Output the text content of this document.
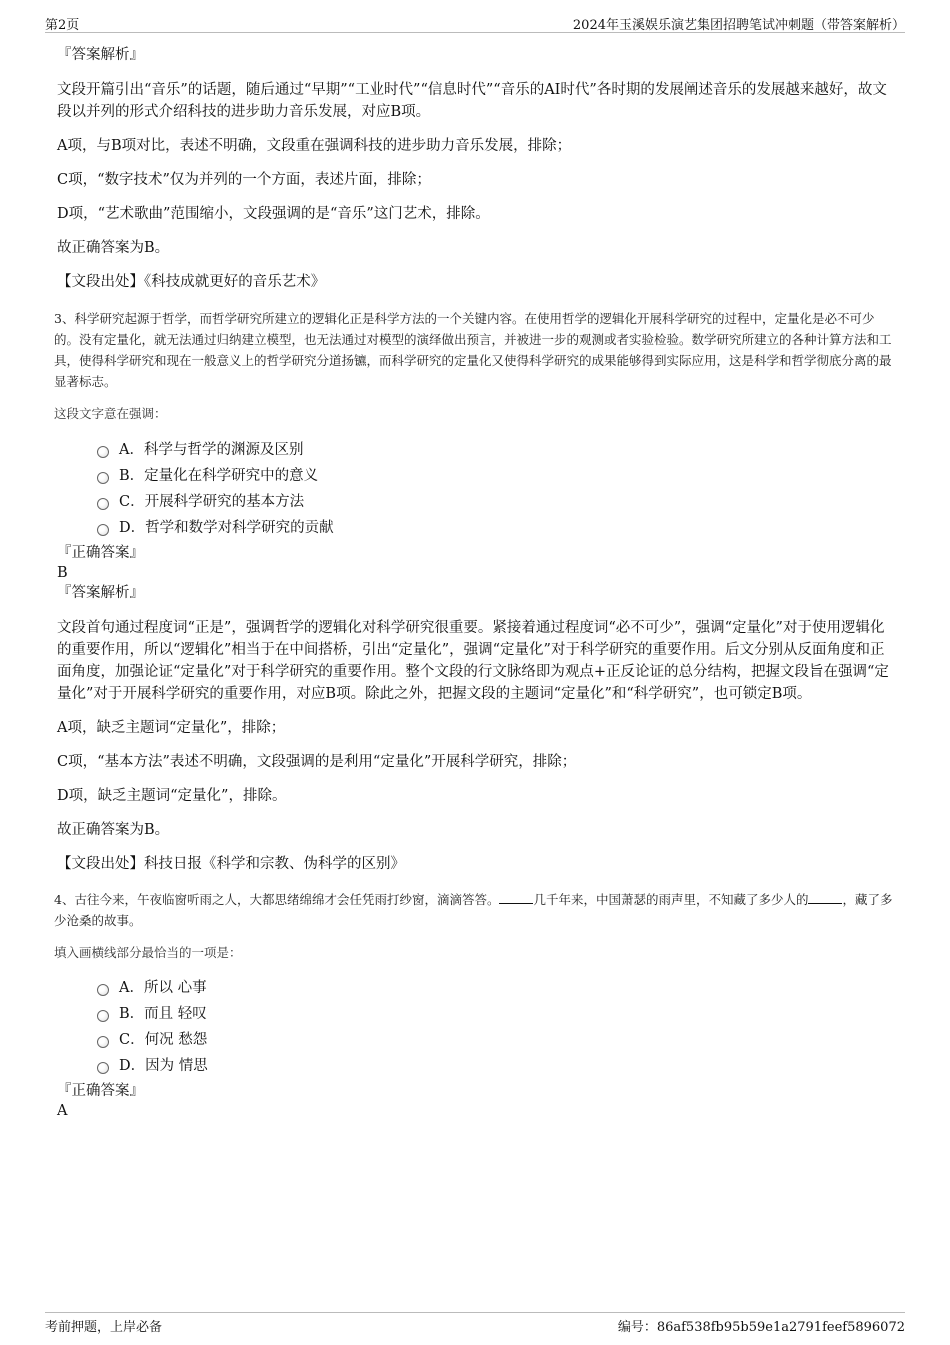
第2页	2024年玉溪娱乐演艺集团招聘笔试冲刺题（带答案解析）

『答案解析』

文段开篇引出“音乐”的话题，随后通过“早期”“工业时代”“信息时代”“音乐的AI时代”各时期的发展阐述音乐的发展越来越好，故文段以并列的形式介绍科技的进步助力音乐发展，对应B项。

A项，与B项对比，表述不明确，文段重在强调科技的进步助力音乐发展，排除；

C项，“数字技术”仅为并列的一个方面，表述片面，排除；

D项，“艺术歌曲”范围缩小，文段强调的是“音乐”这门艺术，排除。

故正确答案为B。

【文段出处】《科技成就更好的音乐艺术》

3、科学研究起源于哲学，而哲学研究所建立的逻辑化正是科学方法的一个关键内容。在使用哲学的逻辑化开展科学研究的过程中，定量化是必不可少的。没有定量化，就无法通过归纳建立模型，也无法通过对模型的演绎做出预言，并被进一步的观测或者实验检验。数学研究所建立的各种计算方法和工具，使得科学研究和现在一般意义上的哲学研究分道扬镳，而科学研究的定量化又使得科学研究的成果能够得到实际应用，这是科学和哲学彻底分离的最显著标志。

这段文字意在强调：

A．科学与哲学的渊源及区别
B．定量化在科学研究中的意义
C．开展科学研究的基本方法
D．哲学和数学对科学研究的贡献

『正确答案』

B

『答案解析』

文段首句通过程度词“正是”，强调哲学的逻辑化对科学研究很重要。紧接着通过程度词“必不可少”，强调“定量化”对于使用逻辑化的重要作用，所以“逻辑化”相当于在中间搭桥，引出“定量化”，强调“定量化”对于科学研究的重要作用。后文分别从反面角度和正面角度，加强论证“定量化”对于科学研究的重要作用。整个文段的行文脉络即为观点+正反论证的总分结构，把握文段旨在强调“定量化”对于开展科学研究的重要作用，对应B项。除此之外，把握文段的主题词“定量化”和“科学研究”，也可锁定B项。

A项，缺乏主题词“定量化”，排除；

C项，“基本方法”表述不明确，文段强调的是利用“定量化”开展科学研究，排除；

D项，缺乏主题词“定量化”，排除。

故正确答案为B。

【文段出处】科技日报《科学和宗教、伪科学的区别》

4、古往今来，午夜临窗听雨之人，大都思绪绵绵才会任凭雨打纱窗，滴滴答答。	几千年来，中国萧瑟的雨声里，不知藏了多少人的	，藏了多少沧桑的故事。

填入画横线部分最恰当的一项是：

A．所以 心事
B．而且 轻叹
C．何况 愁怨
D．因为 情思

『正确答案』

A

考前押题，上岸必备	编号：86af538fb95b59e1a2791feef5896072
